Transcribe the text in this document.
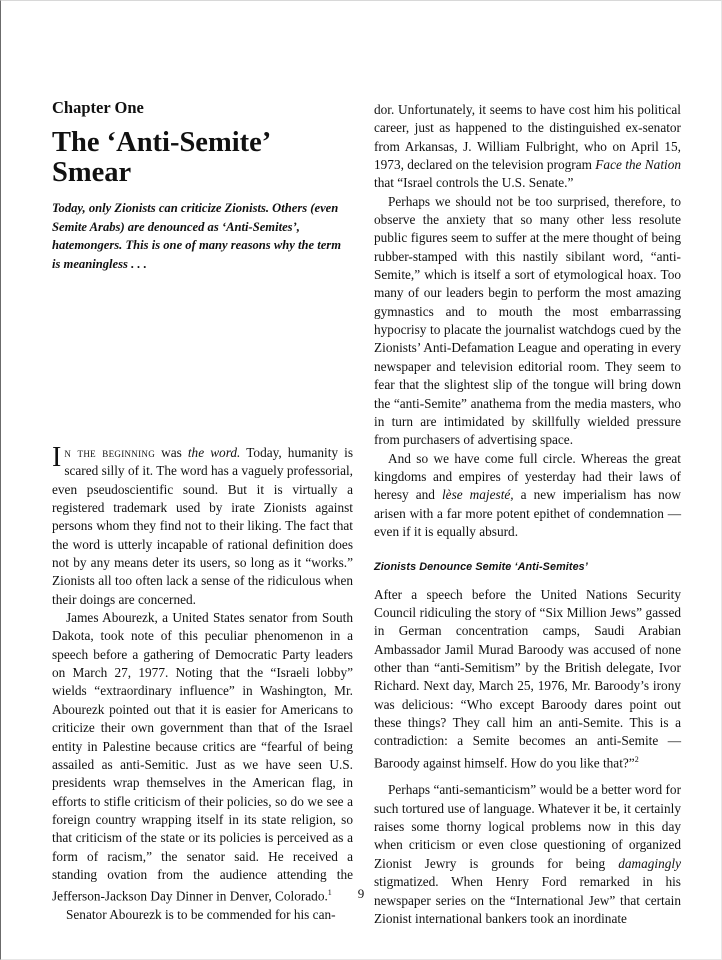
Chapter One
The ‘Anti-Semite’ Smear

Today, only Zionists can criticize Zionists. Others (even Semite Arabs) are denounced as ‘Anti-Semites’, hatemongers. This is one of many reasons why the term is meaningless . . .

In the beginning was the word. Today, humanity is scared silly of it. The word has a vaguely professorial, even pseudoscientific sound. But it is virtually a registered trademark used by irate Zionists against persons whom they find not to their liking. The fact that the word is utterly incapable of rational definition does not by any means deter its users, so long as it “works.” Zionists all too often lack a sense of the ridiculous when their doings are concerned.

James Abourezk, a United States senator from South Dakota, took note of this peculiar phenomenon in a speech before a gathering of Democratic Party leaders on March 27, 1977. Noting that the “Israeli lobby” wields “extraordinary influence” in Washington, Mr. Abourezk pointed out that it is easier for Americans to criticize their own government than that of the Israel entity in Palestine because critics are “fearful of being assailed as anti-Semitic. Just as we have seen U.S. presidents wrap themselves in the American flag, in efforts to stifle criticism of their policies, so do we see a foreign country wrapping itself in its state religion, so that criticism of the state or its policies is perceived as a form of racism,” the senator said. He received a standing ovation from the audience attending the Jefferson-Jackson Day Dinner in Denver, Colorado.$^1$

Senator Abourezk is to be commended for his can-

dor. Unfortunately, it seems to have cost him his political career, just as happened to the distinguished ex-senator from Arkansas, J. William Fulbright, who on April 15, 1973, declared on the television program Face the Nation that “Israel controls the U.S. Senate.”

Perhaps we should not be too surprised, therefore, to observe the anxiety that so many other less resolute public figures seem to suffer at the mere thought of being rubber-stamped with this nastily sibilant word, “anti-Semite,” which is itself a sort of etymological hoax. Too many of our leaders begin to perform the most amazing gymnastics and to mouth the most embarrassing hypocrisy to placate the journalist watchdogs cued by the Zionists’ Anti-Defamation League and operating in every newspaper and television editorial room. They seem to fear that the slightest slip of the tongue will bring down the “anti-Semite” anathema from the media masters, who in turn are intimidated by skillfully wielded pressure from purchasers of advertising space.

And so we have come full circle. Whereas the great kingdoms and empires of yesterday had their laws of heresy and lèse majesté, a new imperialism has now arisen with a far more potent epithet of condemnation — even if it is equally absurd.

Zionists Denounce Semite ‘Anti-Semites’

After a speech before the United Nations Security Council ridiculing the story of “Six Million Jews” gassed in German concentration camps, Saudi Arabian Ambassador Jamil Murad Baroody was accused of none other than “anti-Semitism” by the British delegate, Ivor Richard. Next day, March 25, 1976, Mr. Baroody’s irony was delicious: “Who except Baroody dares point out these things? They call him an anti-Semite. This is a contradiction: a Semite becomes an anti-Semite — Baroody against himself. How do you like that?”$^2$

Perhaps “anti-semanticism” would be a better word for such tortured use of language. Whatever it be, it certainly raises some thorny logical problems now in this day when criticism or even close questioning of organized Zionist Jewry is grounds for being damagingly stigmatized. When Henry Ford remarked in his newspaper series on the “International Jew” that certain Zionist international bankers took an inordinate

9
